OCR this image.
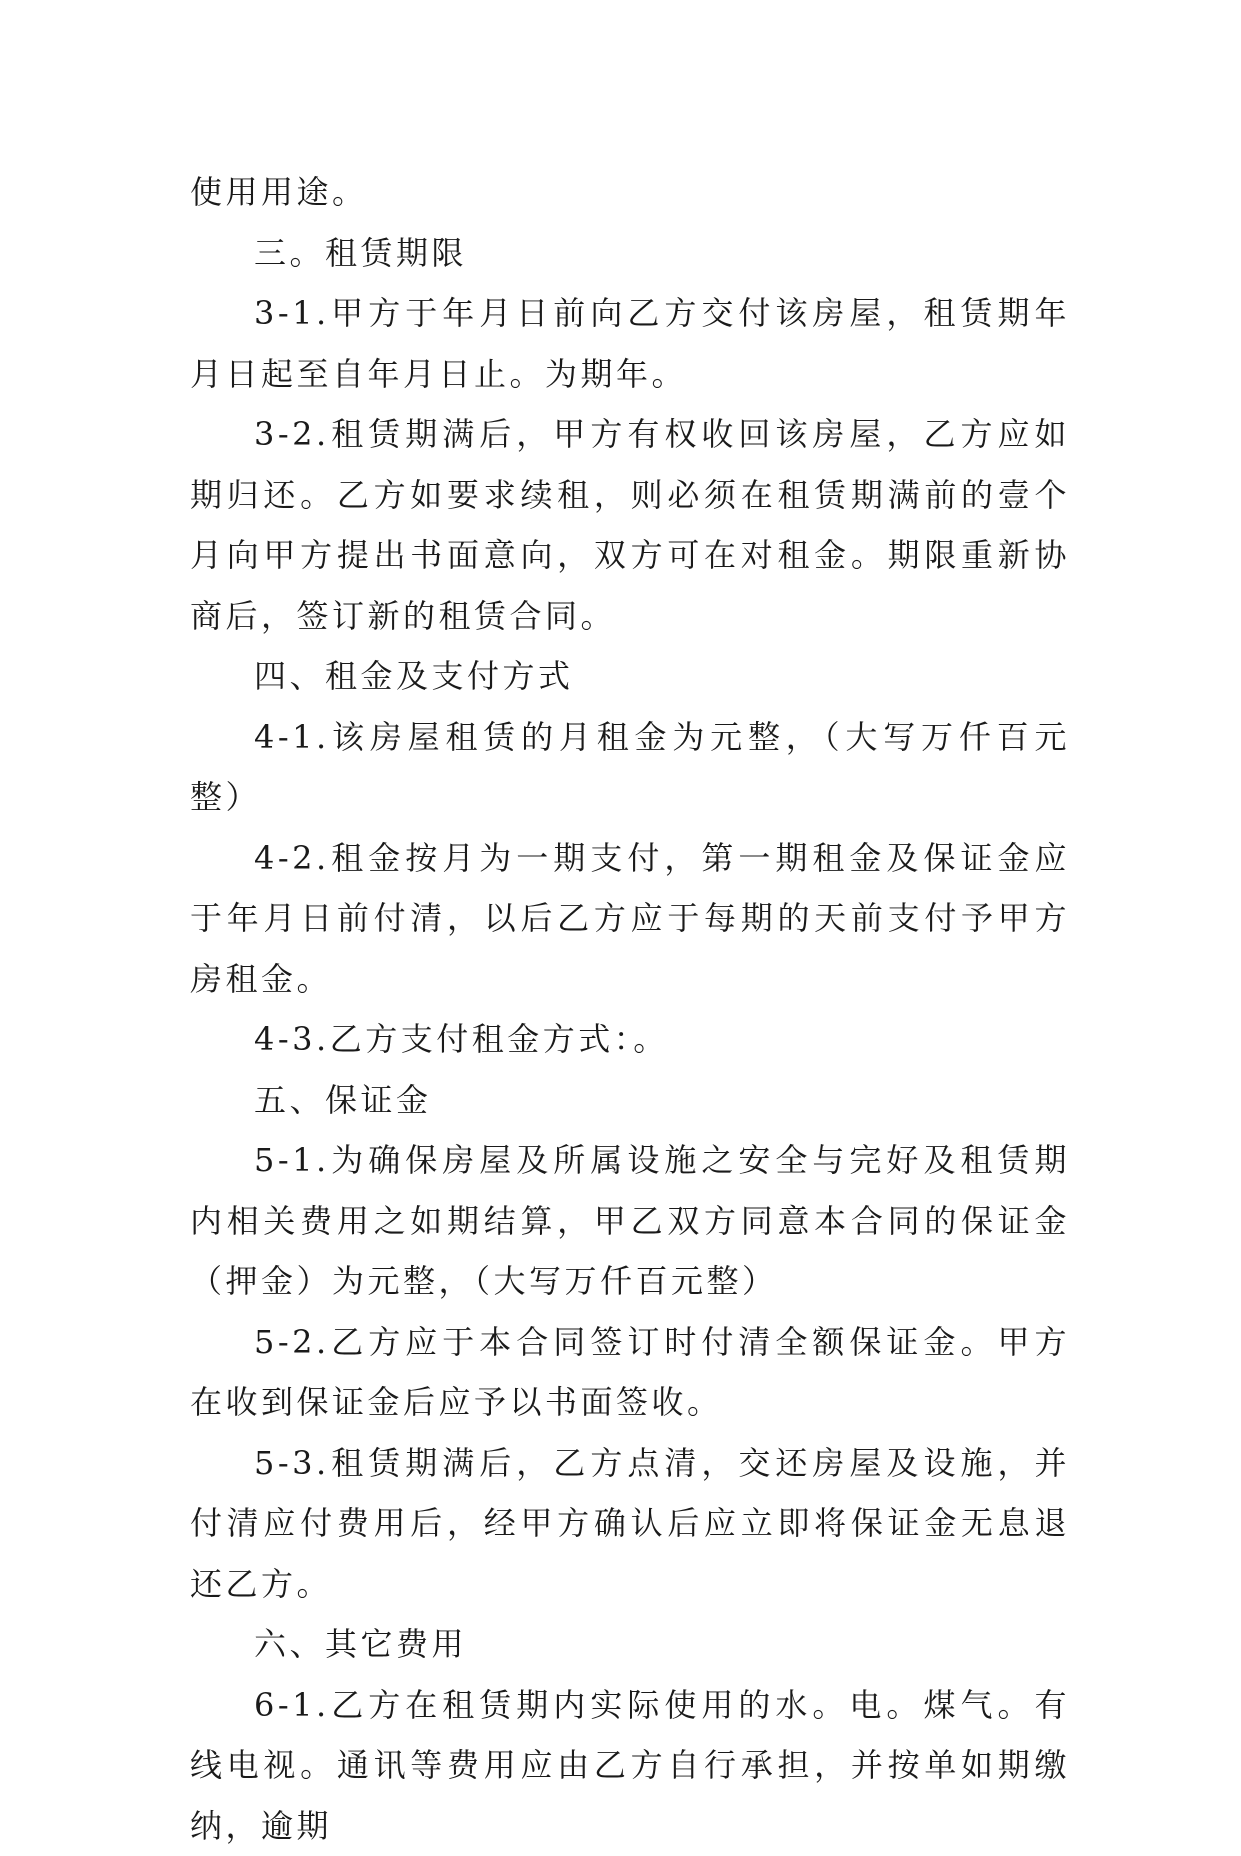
使用用途。

三。租赁期限

3-1.甲方于年月日前向乙方交付该房屋，租赁期年月日起至自年月日止。为期年。

3-2.租赁期满后，甲方有权收回该房屋，乙方应如期归还。乙方如要求续租，则必须在租赁期满前的壹个月向甲方提出书面意向，双方可在对租金。期限重新协商后，签订新的租赁合同。

四、租金及支付方式

4-1.该房屋租赁的月租金为元整，（大写万仟百元整）

4-2.租金按月为一期支付，第一期租金及保证金应于年月日前付清，以后乙方应于每期的天前支付予甲方房租金。

4-3.乙方支付租金方式：。

五、保证金

5-1.为确保房屋及所属设施之安全与完好及租赁期内相关费用之如期结算，甲乙双方同意本合同的保证金（押金）为元整，（大写万仟百元整）

5-2.乙方应于本合同签订时付清全额保证金。甲方在收到保证金后应予以书面签收。

5-3.租赁期满后，乙方点清，交还房屋及设施，并付清应付费用后，经甲方确认后应立即将保证金无息退还乙方。

六、其它费用

6-1.乙方在租赁期内实际使用的水。电。煤气。有线电视。通讯等费用应由乙方自行承担，并按单如期缴纳，逾期
